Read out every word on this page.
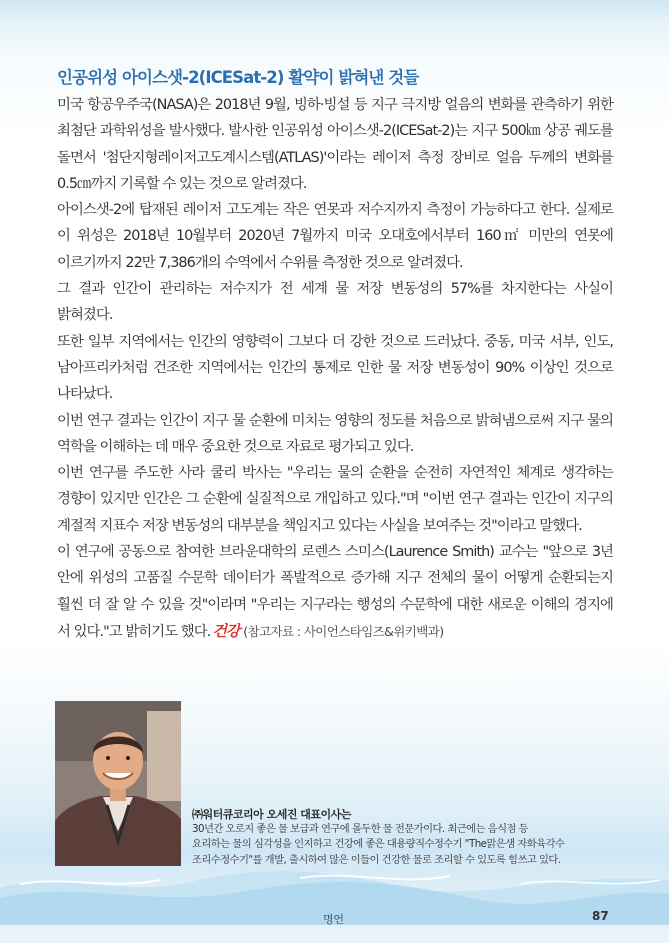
인공위성 아이스샛-2(ICESat-2) 활약이 밝혀낸 것들

미국 항공우주국(NASA)은 2018년 9월, 빙하·빙설 등 지구 극지방 얼음의 변화를 관측하기 위한 최첨단 과학위성을 발사했다. 발사한 인공위성 아이스샛-2(ICESat-2)는 지구 500㎞ 상공 궤도를 돌면서 '첨단지형레이저고도계시스템(ATLAS)'이라는 레이저 측정 장비로 얼음 두께의 변화를 0.5㎝까지 기록할 수 있는 것으로 알려졌다.

아이스샛-2에 탑재된 레이저 고도계는 작은 연못과 저수지까지 측정이 가능하다고 한다. 실제로 이 위성은 2018년 10월부터 2020년 7월까지 미국 오대호에서부터 160㎡ 미만의 연못에 이르기까지 22만 7,386개의 수역에서 수위를 측정한 것으로 알려졌다.

그 결과 인간이 관리하는 저수지가 전 세계 물 저장 변동성의 57%를 차지한다는 사실이 밝혀졌다.

또한 일부 지역에서는 인간의 영향력이 그보다 더 강한 것으로 드러났다. 중동, 미국 서부, 인도, 남아프리카처럼 건조한 지역에서는 인간의 통제로 인한 물 저장 변동성이 90% 이상인 것으로 나타났다.

이번 연구 결과는 인간이 지구 물 순환에 미치는 영향의 정도를 처음으로 밝혀냄으로써 지구 물의 역학을 이해하는 데 매우 중요한 것으로 자료로 평가되고 있다.

이번 연구를 주도한 사라 쿨리 박사는 "우리는 물의 순환을 순전히 자연적인 체계로 생각하는 경향이 있지만 인간은 그 순환에 실질적으로 개입하고 있다."며 "이번 연구 결과는 인간이 지구의 계절적 지표수 저장 변동성의 대부분을 책임지고 있다는 사실을 보여주는 것"이라고 말했다.

이 연구에 공동으로 참여한 브라운대학의 로렌스 스미스(Laurence Smith) 교수는 "앞으로 3년 안에 위성의 고품질 수문학 데이터가 폭발적으로 증가해 지구 전체의 물이 어떻게 순환되는지 훨씬 더 잘 알 수 있을 것"이라며 "우리는 지구라는 행성의 수문학에 대한 새로운 이해의 경지에 서 있다."고 밝히기도 했다. 건강 (참고자료 : 사이언스타임즈&위키백과)

㈜워터큐코리아 오세진 대표이사는

30년간 오로지 좋은 물 보급과 연구에 몰두한 물 전문가이다. 최근에는 음식점 등

요리하는 물의 심각성을 인지하고 건강에 좋은 대용량직수정수기 "The맑은샘 자화육각수

조리수정수기"를 개발, 출시하여 많은 이들이 건강한 물로 조리할 수 있도록 힘쓰고 있다.

명언	87
